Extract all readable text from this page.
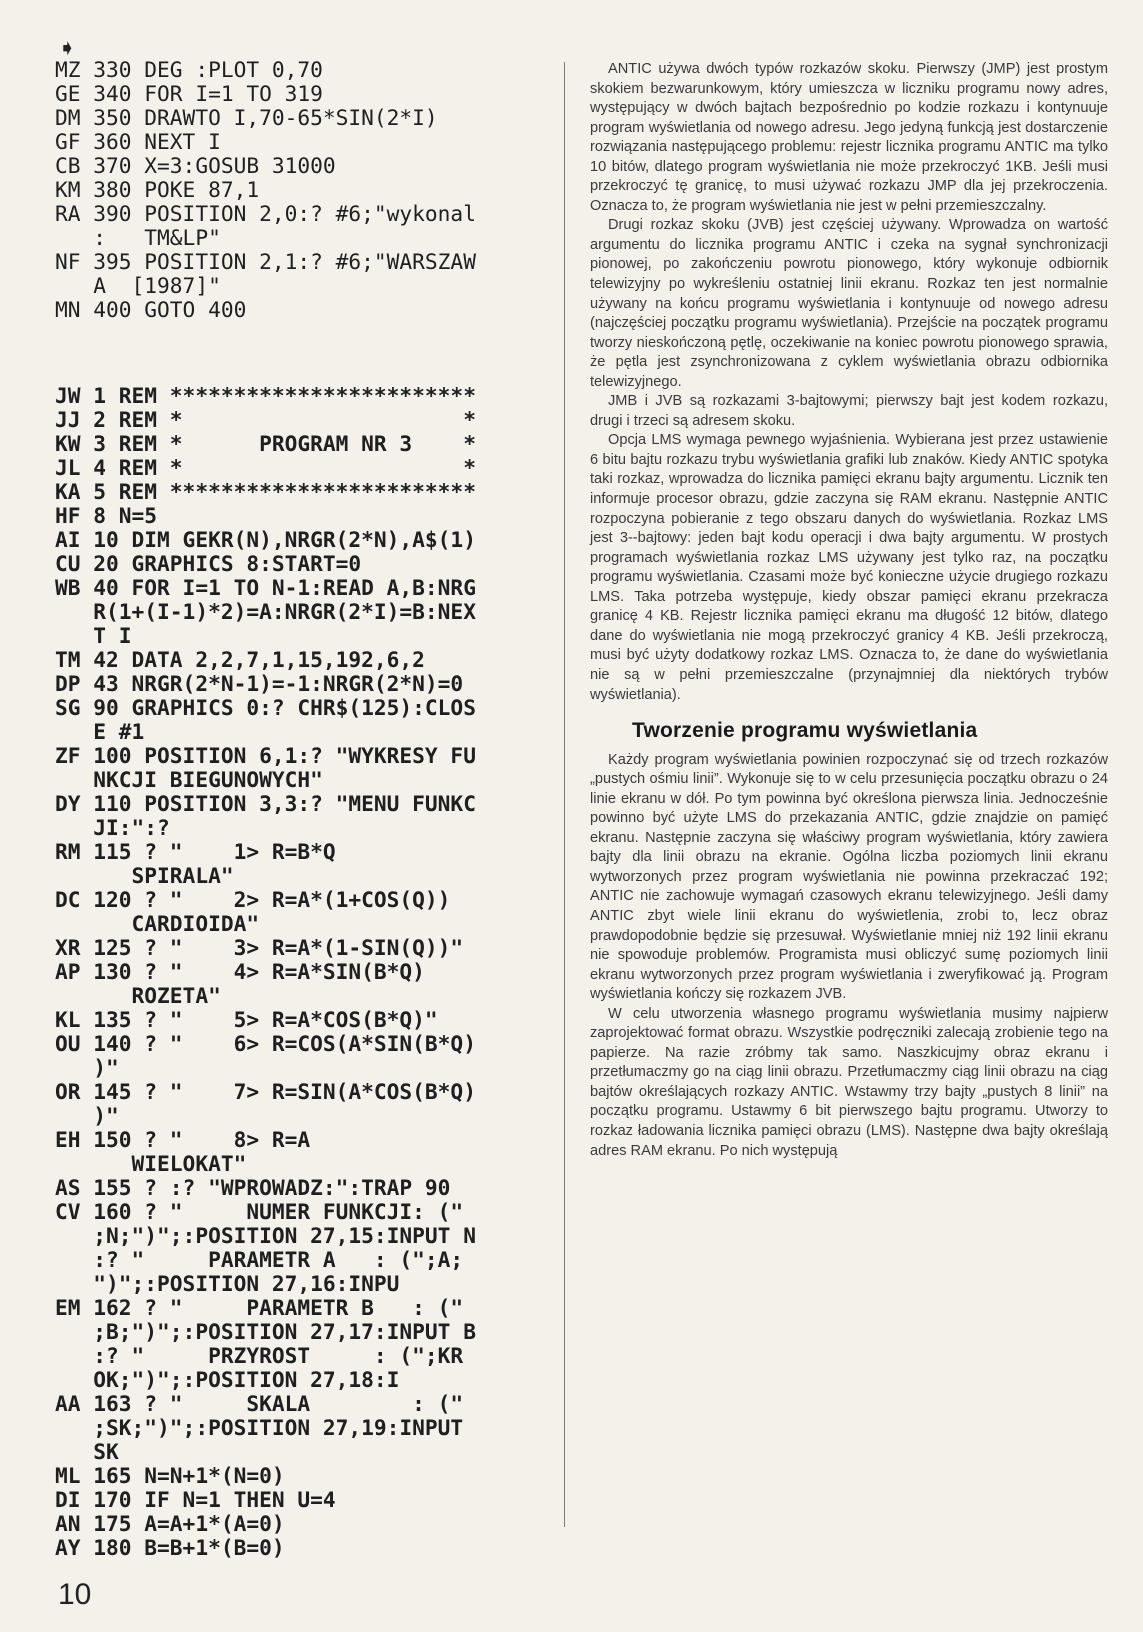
➧
MZ 330 DEG :PLOT 0,70
GE 340 FOR I=1 TO 319
DM 350 DRAWTO I,70-65*SIN(2*I)
GF 360 NEXT I
CB 370 X=3:GOSUB 31000
KM 380 POKE 87,1
RA 390 POSITION 2,0:? #6;"wykonal
:   TM&LP"
NF 395 POSITION 2,1:? #6;"WARSZAW
A  [1987]"
MN 400 GOTO 400
JW 1 REM ************************
JJ 2 REM *                      *
KW 3 REM *      PROGRAM NR 3    *
JL 4 REM *                      *
KA 5 REM ************************
HF 8 N=5
AI 10 DIM GEKR(N),NRGR(2*N),A$(1)
CU 20 GRAPHICS 8:START=0
WB 40 FOR I=1 TO N-1:READ A,B:NRG
R(1+(I-1)*2)=A:NRGR(2*I)=B:NEX
T I
TM 42 DATA 2,2,7,1,15,192,6,2
DP 43 NRGR(2*N-1)=-1:NRGR(2*N)=0
SG 90 GRAPHICS 0:? CHR$(125):CLOS
E #1
ZF 100 POSITION 6,1:? "WYKRESY FU
NKCJI BIEGUNOWYCH"
DY 110 POSITION 3,3:? "MENU FUNKC
JI:":?
RM 115 ? "    1> R=B*Q
SPIRALA"
DC 120 ? "    2> R=A*(1+COS(Q))
CARDIOIDA"
XR 125 ? "    3> R=A*(1-SIN(Q))"
AP 130 ? "    4> R=A*SIN(B*Q)
ROZETA"
KL 135 ? "    5> R=A*COS(B*Q)"
OU 140 ? "    6> R=COS(A*SIN(B*Q)
)"
OR 145 ? "    7> R=SIN(A*COS(B*Q)
)"
EH 150 ? "    8> R=A
WIELOKAT"
AS 155 ? :? "WPROWADZ:":TRAP 90
CV 160 ? "     NUMER FUNKCJI: ("
;N;")";:POSITION 27,15:INPUT N
:? "     PARAMETR A   : (";A;
")";:POSITION 27,16:INPU
EM 162 ? "     PARAMETR B   : ("
;B;")";:POSITION 27,17:INPUT B
:? "     PRZYROST     : (";KR
OK;")";:POSITION 27,18:I
AA 163 ? "     SKALA        : ("
;SK;")";:POSITION 27,19:INPUT
SK
ML 165 N=N+1*(N=0)
DI 170 IF N=1 THEN U=4
AN 175 A=A+1*(A=0)
AY 180 B=B+1*(B=0)

ANTIC używa dwóch typów rozkazów skoku. Pierwszy (JMP) jest prostym skokiem bezwarunkowym, który umieszcza w liczniku programu nowy adres, występujący w dwóch bajtach bezpośrednio po kodzie rozkazu i kontynuuje program wyświetlania od nowego adresu. Jego jedyną funkcją jest dostarczenie rozwiązania następującego problemu: rejestr licznika programu ANTIC ma tylko 10 bitów, dlatego program wyświetlania nie może przekroczyć 1KB. Jeśli musi przekroczyć tę granicę, to musi używać rozkazu JMP dla jej przekroczenia. Oznacza to, że program wyświetlania nie jest w pełni przemieszczalny.

Drugi rozkaz skoku (JVB) jest częściej używany. Wprowadza on wartość argumentu do licznika programu ANTIC i czeka na sygnał synchronizacji pionowej, po zakończeniu powrotu pionowego, który wykonuje odbiornik telewizyjny po wykreśleniu ostatniej linii ekranu. Rozkaz ten jest normalnie używany na końcu programu wyświetlania i kontynuuje od nowego adresu (najczęściej początku programu wyświetlania). Przejście na początek programu tworzy nieskończoną pętlę, oczekiwanie na koniec powrotu pionowego sprawia, że pętla jest zsynchronizowana z cyklem wyświetlania obrazu odbiornika telewizyjnego.

JMB i JVB są rozkazami 3-bajtowymi; pierwszy bajt jest kodem rozkazu, drugi i trzeci są adresem skoku.

Opcja LMS wymaga pewnego wyjaśnienia. Wybierana jest przez ustawienie 6 bitu bajtu rozkazu trybu wyświetlania grafiki lub znaków. Kiedy ANTIC spotyka taki rozkaz, wprowadza do licznika pamięci ekranu bajty argumentu. Licznik ten informuje procesor obrazu, gdzie zaczyna się RAM ekranu. Następnie ANTIC rozpoczyna pobieranie z tego obszaru danych do wyświetlania. Rozkaz LMS jest 3--bajtowy: jeden bajt kodu operacji i dwa bajty argumentu. W prostych programach wyświetlania rozkaz LMS używany jest tylko raz, na początku programu wyświetlania. Czasami może być konieczne użycie drugiego rozkazu LMS. Taka potrzeba występuje, kiedy obszar pamięci ekranu przekracza granicę 4 KB. Rejestr licznika pamięci ekranu ma długość 12 bitów, dlatego dane do wyświetlania nie mogą przekroczyć granicy 4 KB. Jeśli przekroczą, musi być użyty dodatkowy rozkaz LMS. Oznacza to, że dane do wyświetlania nie są w pełni przemieszczalne (przynajmniej dla niektórych trybów wyświetlania).

Tworzenie programu wyświetlania

Każdy program wyświetlania powinien rozpoczynać się od trzech rozkazów „pustych ośmiu linii”. Wykonuje się to w celu przesunięcia początku obrazu o 24 linie ekranu w dół. Po tym powinna być określona pierwsza linia. Jednocześnie powinno być użyte LMS do przekazania ANTIC, gdzie znajdzie on pamięć ekranu. Następnie zaczyna się właściwy program wyświetlania, który zawiera bajty dla linii obrazu na ekranie. Ogólna liczba poziomych linii ekranu wytworzonych przez program wyświetlania nie powinna przekraczać 192; ANTIC nie zachowuje wymagań czasowych ekranu telewizyjnego. Jeśli damy ANTIC zbyt wiele linii ekranu do wyświetlenia, zrobi to, lecz obraz prawdopodobnie będzie się przesuwał. Wyświetlanie mniej niż 192 linii ekranu nie spowoduje problemów. Programista musi obliczyć sumę poziomych linii ekranu wytworzonych przez program wyświetlania i zweryfikować ją. Program wyświetlania kończy się rozkazem JVB.

W celu utworzenia własnego programu wyświetlania musimy najpierw zaprojektować format obrazu. Wszystkie podręczniki zalecają zrobienie tego na papierze. Na razie zróbmy tak samo. Naszkicujmy obraz ekranu i przetłumaczmy go na ciąg linii obrazu. Przetłumaczmy ciąg linii obrazu na ciąg bajtów określających rozkazy ANTIC. Wstawmy trzy bajty „pustych 8 linii” na początku programu. Ustawmy 6 bit pierwszego bajtu programu. Utworzy to rozkaz ładowania licznika pamięci obrazu (LMS). Następne dwa bajty określają adres RAM ekranu. Po nich występują

10
